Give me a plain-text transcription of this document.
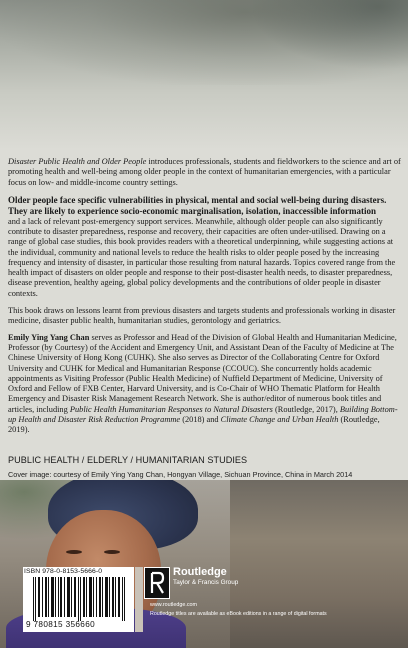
Disaster Public Health and Older People introduces professionals, students and fieldworkers to the science and art of promoting health and well-being among older people in the context of humanitarian emergencies, with a particular focus on low- and middle-income country settings.

Older people face specific vulnerabilities in physical, mental and social well-being during disasters. They are likely to experience socio-economic marginalisation, isolation, inaccessible information

and a lack of relevant post-emergency support services. Meanwhile, although older people can also significantly contribute to disaster preparedness, response and recovery, their capacities are often under-utilised. Drawing on a range of global case studies, this book provides readers with a theoretical underpinning, while suggesting actions at the individual, community and national levels to reduce the health risks to older people posed by the increasing frequency and intensity of disaster, in particular those resulting from natural hazards. Topics covered range from the health impact of disasters on older people and response to their post-disaster health needs, to disaster preparedness, disease prevention, healthy ageing, global policy developments and the contributions of older people in disaster contexts.

This book draws on lessons learnt from previous disasters and targets students and professionals working in disaster medicine, disaster public health, humanitarian studies, gerontology and geriatrics.

Emily Ying Yang Chan serves as Professor and Head of the Division of Global Health and Humanitarian Medicine, Professor (by Courtesy) of the Accident and Emergency Unit, and Assistant Dean of the Faculty of Medicine at The Chinese University of Hong Kong (CUHK). She also serves as Director of the Collaborating Centre for Oxford University and CUHK for Medical and Humanitarian Response (CCOUC). She concurrently holds academic appointments as Visiting Professor (Public Health Medicine) of Nuffield Department of Medicine, University of Oxford and Fellow of FXB Center, Harvard University, and is Co-Chair of WHO Thematic Platform for Health Emergency and Disaster Risk Management Research Network. She is author/editor of numerous book titles and articles, including Public Health Humanitarian Responses to Natural Disasters (Routledge, 2017), Building Bottom-up Health and Disaster Risk Reduction Programme (2018) and Climate Change and Urban Health (Routledge, 2019).

PUBLIC HEALTH / ELDERLY / HUMANITARIAN STUDIES
Cover image: courtesy of Emily Ying Yang Chan, Hongyan Village, Sichuan Province, China in March 2014
ISBN 978-0-8153-5666-0
9 780815 356660
Routledge
Taylor & Francis Group
www.routledge.com
Routledge titles are available as eBook editions in a range of digital formats
